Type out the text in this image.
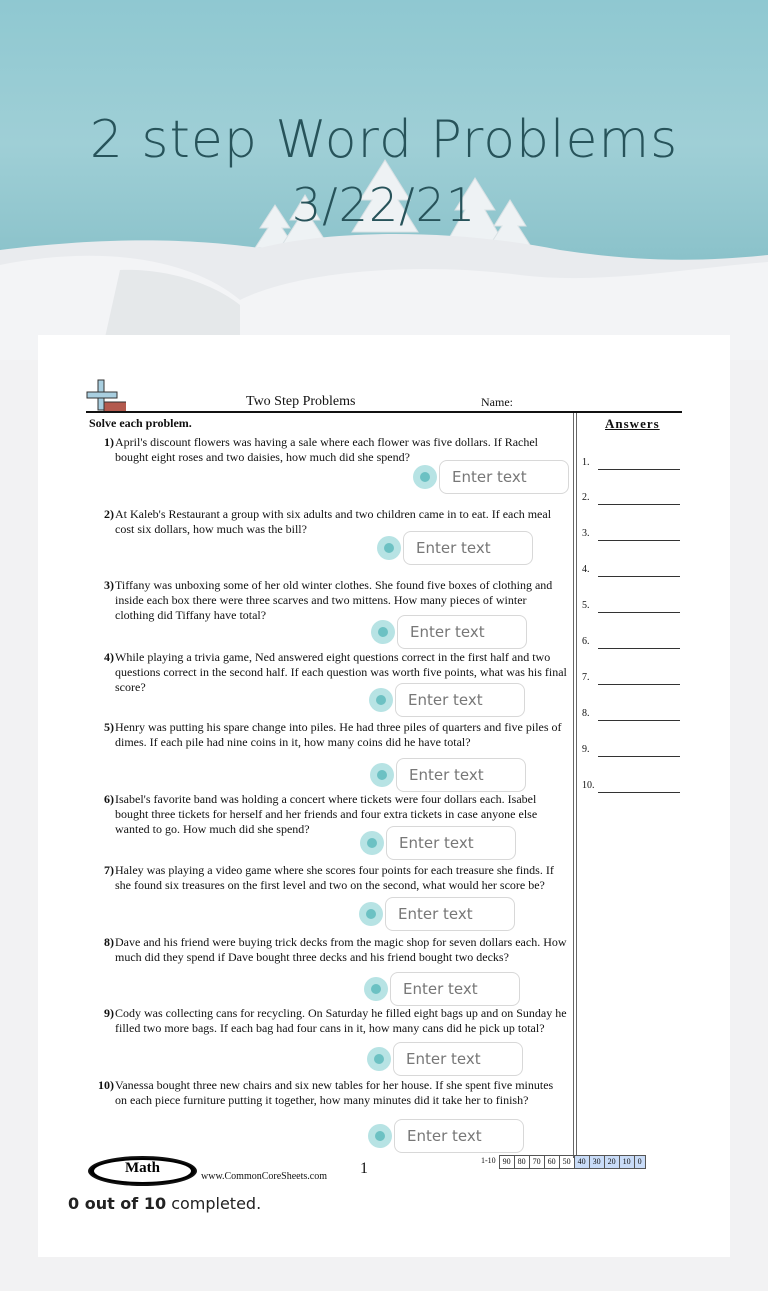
2 step Word Problems
3/22/21
Two Step Problems	Name:
Solve each problem.	Answers
1.
2.
3.
4.
5.
6.
7.
8.
9.
10.
1) April's discount flowers was having a sale where each flower was five dollars. If Rachel bought eight roses and two daisies, how much did she spend?
Enter text
2) At Kaleb's Restaurant a group with six adults and two children came in to eat. If each meal cost six dollars, how much was the bill?
Enter text
3) Tiffany was unboxing some of her old winter clothes. She found five boxes of clothing and inside each box there were three scarves and two mittens. How many pieces of winter clothing did Tiffany have total?
Enter text
4) While playing a trivia game, Ned answered eight questions correct in the first half and two questions correct in the second half. If each question was worth five points, what was his final score?
Enter text
5) Henry was putting his spare change into piles. He had three piles of quarters and five piles of dimes. If each pile had nine coins in it, how many coins did he have total?
Enter text
6) Isabel's favorite band was holding a concert where tickets were four dollars each. Isabel bought three tickets for herself and her friends and four extra tickets in case anyone else wanted to go. How much did she spend?
Enter text
7) Haley was playing a video game where she scores four points for each treasure she finds. If she found six treasures on the first level and two on the second, what would her score be?
Enter text
8) Dave and his friend were buying trick decks from the magic shop for seven dollars each. How much did they spend if Dave bought three decks and his friend bought two decks?
Enter text
9) Cody was collecting cans for recycling. On Saturday he filled eight bags up and on Sunday he filled two more bags. If each bag had four cans in it, how many cans did he pick up total?
Enter text
10) Vanessa bought three new chairs and six new tables for her house. If she spent five minutes on each piece furniture putting it together, how many minutes did it take her to finish?
Enter text
Math
www.CommonCoreSheets.com 1	1-10 90 80 70 60 50 40 30 20 10 0
0 out of 10 completed.
